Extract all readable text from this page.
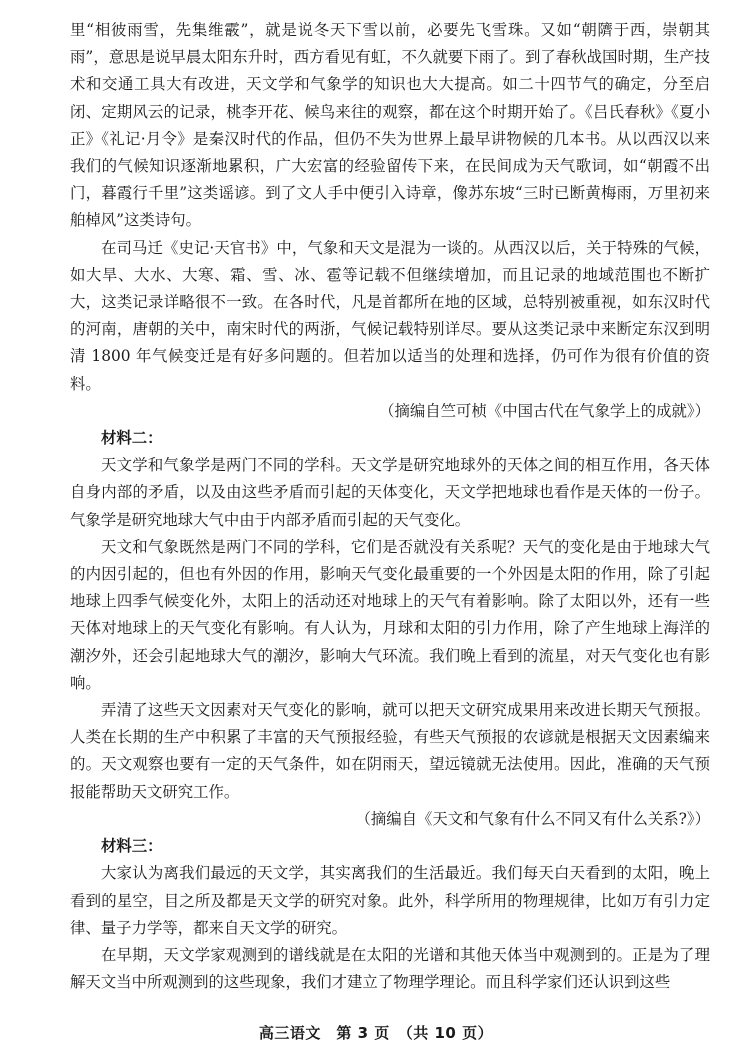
里“相彼雨雪，先集维霰”，就是说冬天下雪以前，必要先飞雪珠。又如“朝隮于西，崇朝其雨”，意思是说早晨太阳东升时，西方看见有虹，不久就要下雨了。到了春秋战国时期，生产技术和交通工具大有改进，天文学和气象学的知识也大大提高。如二十四节气的确定，分至启闭、定期风云的记录，桃李开花、候鸟来往的观察，都在这个时期开始了。《吕氏春秋》《夏小正》《礼记·月令》是秦汉时代的作品，但仍不失为世界上最早讲物候的几本书。从以西汉以来我们的气候知识逐渐地累积，广大宏富的经验留传下来，在民间成为天气歌词，如“朝霞不出门，暮霞行千里”这类谣谚。到了文人手中便引入诗章，像苏东坡“三时已断黄梅雨，万里初来舶棹风”这类诗句。

在司马迁《史记·天官书》中，气象和天文是混为一谈的。从西汉以后，关于特殊的气候，如大旱、大水、大寒、霜、雪、冰、雹等记载不但继续增加，而且记录的地域范围也不断扩大，这类记录详略很不一致。在各时代，凡是首都所在地的区域，总特别被重视，如东汉时代的河南，唐朝的关中，南宋时代的两浙，气候记载特别详尽。要从这类记录中来断定东汉到明清 1800 年气候变迁是有好多问题的。但若加以适当的处理和选择，仍可作为很有价值的资料。

（摘编自竺可桢《中国古代在气象学上的成就》）

材料二：

天文学和气象学是两门不同的学科。天文学是研究地球外的天体之间的相互作用，各天体自身内部的矛盾，以及由这些矛盾而引起的天体变化，天文学把地球也看作是天体的一份子。气象学是研究地球大气中由于内部矛盾而引起的天气变化。

天文和气象既然是两门不同的学科，它们是否就没有关系呢？天气的变化是由于地球大气的内因引起的，但也有外因的作用，影响天气变化最重要的一个外因是太阳的作用，除了引起地球上四季气候变化外，太阳上的活动还对地球上的天气有着影响。除了太阳以外，还有一些天体对地球上的天气变化有影响。有人认为，月球和太阳的引力作用，除了产生地球上海洋的潮汐外，还会引起地球大气的潮汐，影响大气环流。我们晚上看到的流星，对天气变化也有影响。

弄清了这些天文因素对天气变化的影响，就可以把天文研究成果用来改进长期天气预报。人类在长期的生产中积累了丰富的天气预报经验，有些天气预报的农谚就是根据天文因素编来的。天文观察也要有一定的天气条件，如在阴雨天，望远镜就无法使用。因此，准确的天气预报能帮助天文研究工作。

（摘编自《天文和气象有什么不同又有什么关系?》）

材料三：

大家认为离我们最远的天文学，其实离我们的生活最近。我们每天白天看到的太阳，晚上看到的星空，目之所及都是天文学的研究对象。此外，科学所用的物理规律，比如万有引力定律、量子力学等，都来自天文学的研究。

在早期，天文学家观测到的谱线就是在太阳的光谱和其他天体当中观测到的。正是为了理解天文当中所观测到的这些现象，我们才建立了物理学理论。而且科学家们还认识到这些

高三语文　第 3 页　（共 10 页）
